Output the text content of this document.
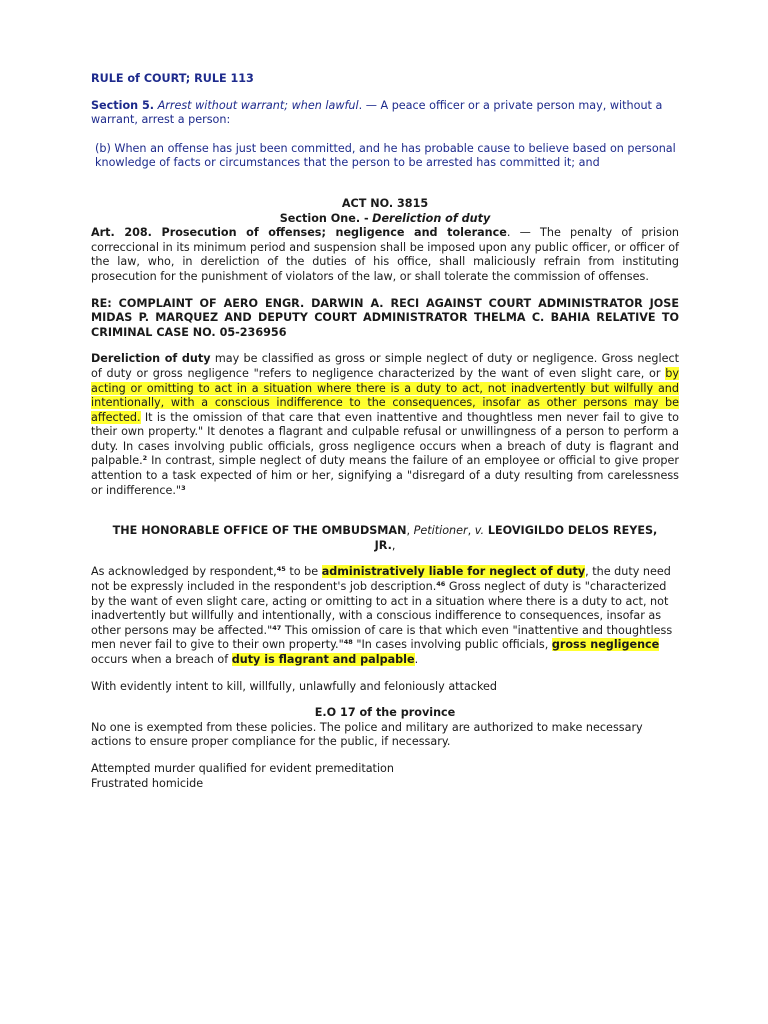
RULE of COURT; RULE 113

Section 5. Arrest without warrant; when lawful. — A peace officer or a private person may, without a warrant, arrest a person:

(b) When an offense has just been committed, and he has probable cause to believe based on personal knowledge of facts or circumstances that the person to be arrested has committed it; and

ACT NO. 3815

Section One. - Dereliction of duty

Art. 208. Prosecution of offenses; negligence and tolerance. — The penalty of prision correccional in its minimum period and suspension shall be imposed upon any public officer, or officer of the law, who, in dereliction of the duties of his office, shall maliciously refrain from instituting prosecution for the punishment of violators of the law, or shall tolerate the commission of offenses.

RE: COMPLAINT OF AERO ENGR. DARWIN A. RECI AGAINST COURT ADMINISTRATOR JOSE MIDAS P. MARQUEZ AND DEPUTY COURT ADMINISTRATOR THELMA C. BAHIA RELATIVE TO CRIMINAL CASE NO. 05-236956

Dereliction of duty may be classified as gross or simple neglect of duty or negligence. Gross neglect of duty or gross negligence "refers to negligence characterized by the want of even slight care, or by acting or omitting to act in a situation where there is a duty to act, not inadvertently but wilfully and intentionally, with a conscious indifference to the consequences, insofar as other persons may be affected. It is the omission of that care that even inattentive and thoughtless men never fail to give to their own property." It denotes a flagrant and culpable refusal or unwillingness of a person to perform a duty. In cases involving public officials, gross negligence occurs when a breach of duty is flagrant and palpable.$^2$ In contrast, simple neglect of duty means the failure of an employee or official to give proper attention to a task expected of him or her, signifying a "disregard of a duty resulting from carelessness or indifference."$^3$

THE HONORABLE OFFICE OF THE OMBUDSMAN, Petitioner, v. LEOVIGILDO DELOS REYES, JR.,

As acknowledged by respondent,$^{45}$ to be administratively liable for neglect of duty, the duty need not be expressly included in the respondent's job description.$^{46}$ Gross neglect of duty is "characterized by the want of even slight care, acting or omitting to act in a situation where there is a duty to act, not inadvertently but willfully and intentionally, with a conscious indifference to consequences, insofar as other persons may be affected."$^{47}$ This omission of care is that which even "inattentive and thoughtless men never fail to give to their own property."$^{48}$ "In cases involving public officials, gross negligence occurs when a breach of duty is flagrant and palpable.

With evidently intent to kill, willfully, unlawfully and feloniously attacked

E.O 17 of the province

No one is exempted from these policies. The police and military are authorized to make necessary actions to ensure proper compliance for the public, if necessary.

Attempted murder qualified for evident premeditation

Frustrated homicide
